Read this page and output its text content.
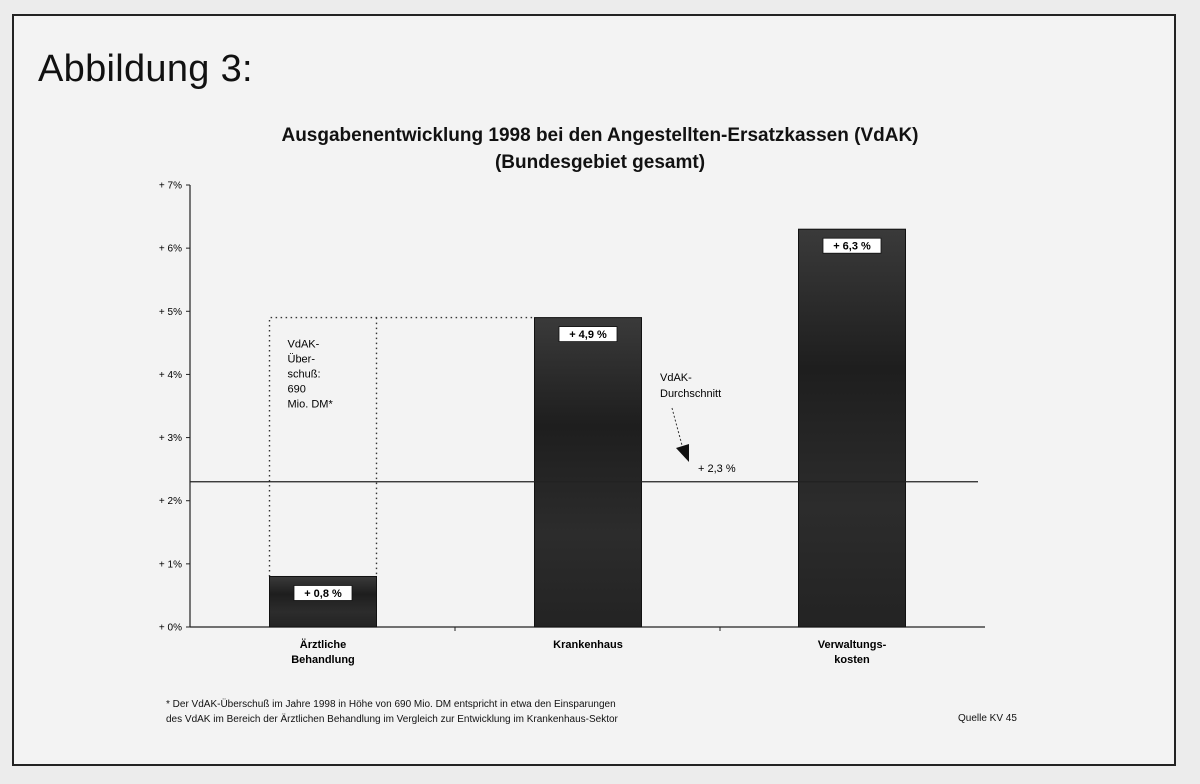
Abbildung 3:
Ausgabenentwicklung 1998 bei den Angestellten-Ersatzkassen (VdAK)
(Bundesgebiet gesamt)
+ 0%
+ 1%
+ 2%
+ 3%
+ 4%
+ 5%
+ 6%
+ 7%
VdAK-
Über-
schuß:
690
Mio. DM*
+ 0,8 %
+ 4,9 %
+ 6,3 %
Ärztliche
Behandlung
Krankenhaus	Verwaltungs-
kosten
VdAK-
Durchschnitt
+ 2,3 %
* Der VdAK-Überschuß im Jahre 1998 in Höhe von 690 Mio. DM entspricht in etwa den Einsparungen
des VdAK im Bereich der Ärztlichen Behandlung im Vergleich zur Entwicklung im Krankenhaus-Sektor	Quelle KV 45
